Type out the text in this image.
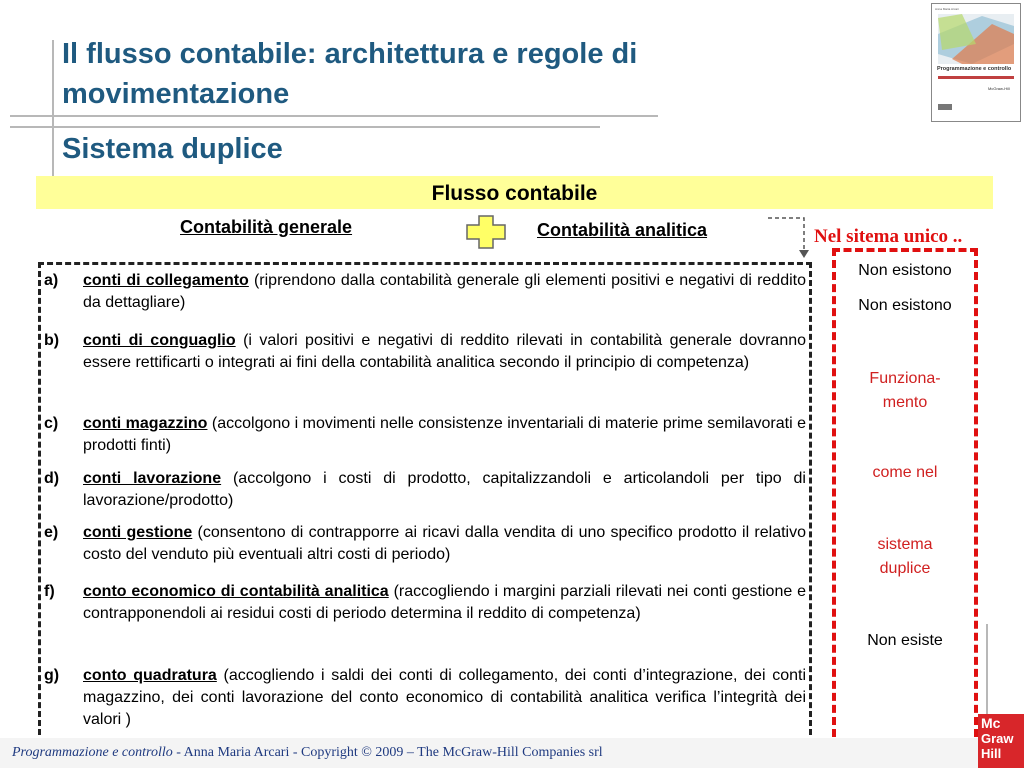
Il flusso contabile: architettura e regole di movimentazione
Sistema duplice
Anna Maria Arcari
Programmazione e controllo
McGraw-Hill
Flusso contabile
Contabilità generale	Contabilità analitica	Nel sitema unico ..
a) conti di collegamento (riprendono dalla contabilità generale gli elementi positivi e negativi di reddito da dettagliare)
b) conti di conguaglio (i valori positivi e negativi di reddito rilevati in contabilità generale dovranno essere rettificarti o integrati ai fini della contabilità analitica secondo il principio di competenza)
c) conti magazzino (accolgono i movimenti nelle consistenze inventariali di materie prime semilavorati e prodotti finti)
d) conti lavorazione (accolgono i costi di prodotto, capitalizzandoli e articolandoli per tipo di lavorazione/prodotto)
e) conti gestione (consentono di contrapporre ai ricavi dalla vendita di uno specifico prodotto il relativo costo del venduto più eventuali altri costi di periodo)
f) conto economico di contabilità analitica (raccogliendo i margini parziali rilevati nei conti gestione e contrapponendoli ai residui costi di periodo determina il reddito di competenza)
g) conto quadratura (accogliendo i saldi dei conti di collegamento, dei conti d’integrazione, dei conti magazzino, dei conti lavorazione del conto economico di contabilità analitica verifica l’integrità dei valori )
Non esistono
Non esistono
Funziona-
mento
come nel
sistema
duplice
Non esiste
Programmazione e controllo - Anna Maria Arcari - Copyright © 2009 – The McGraw-Hill Companies srl
Mc
Graw
Hill
